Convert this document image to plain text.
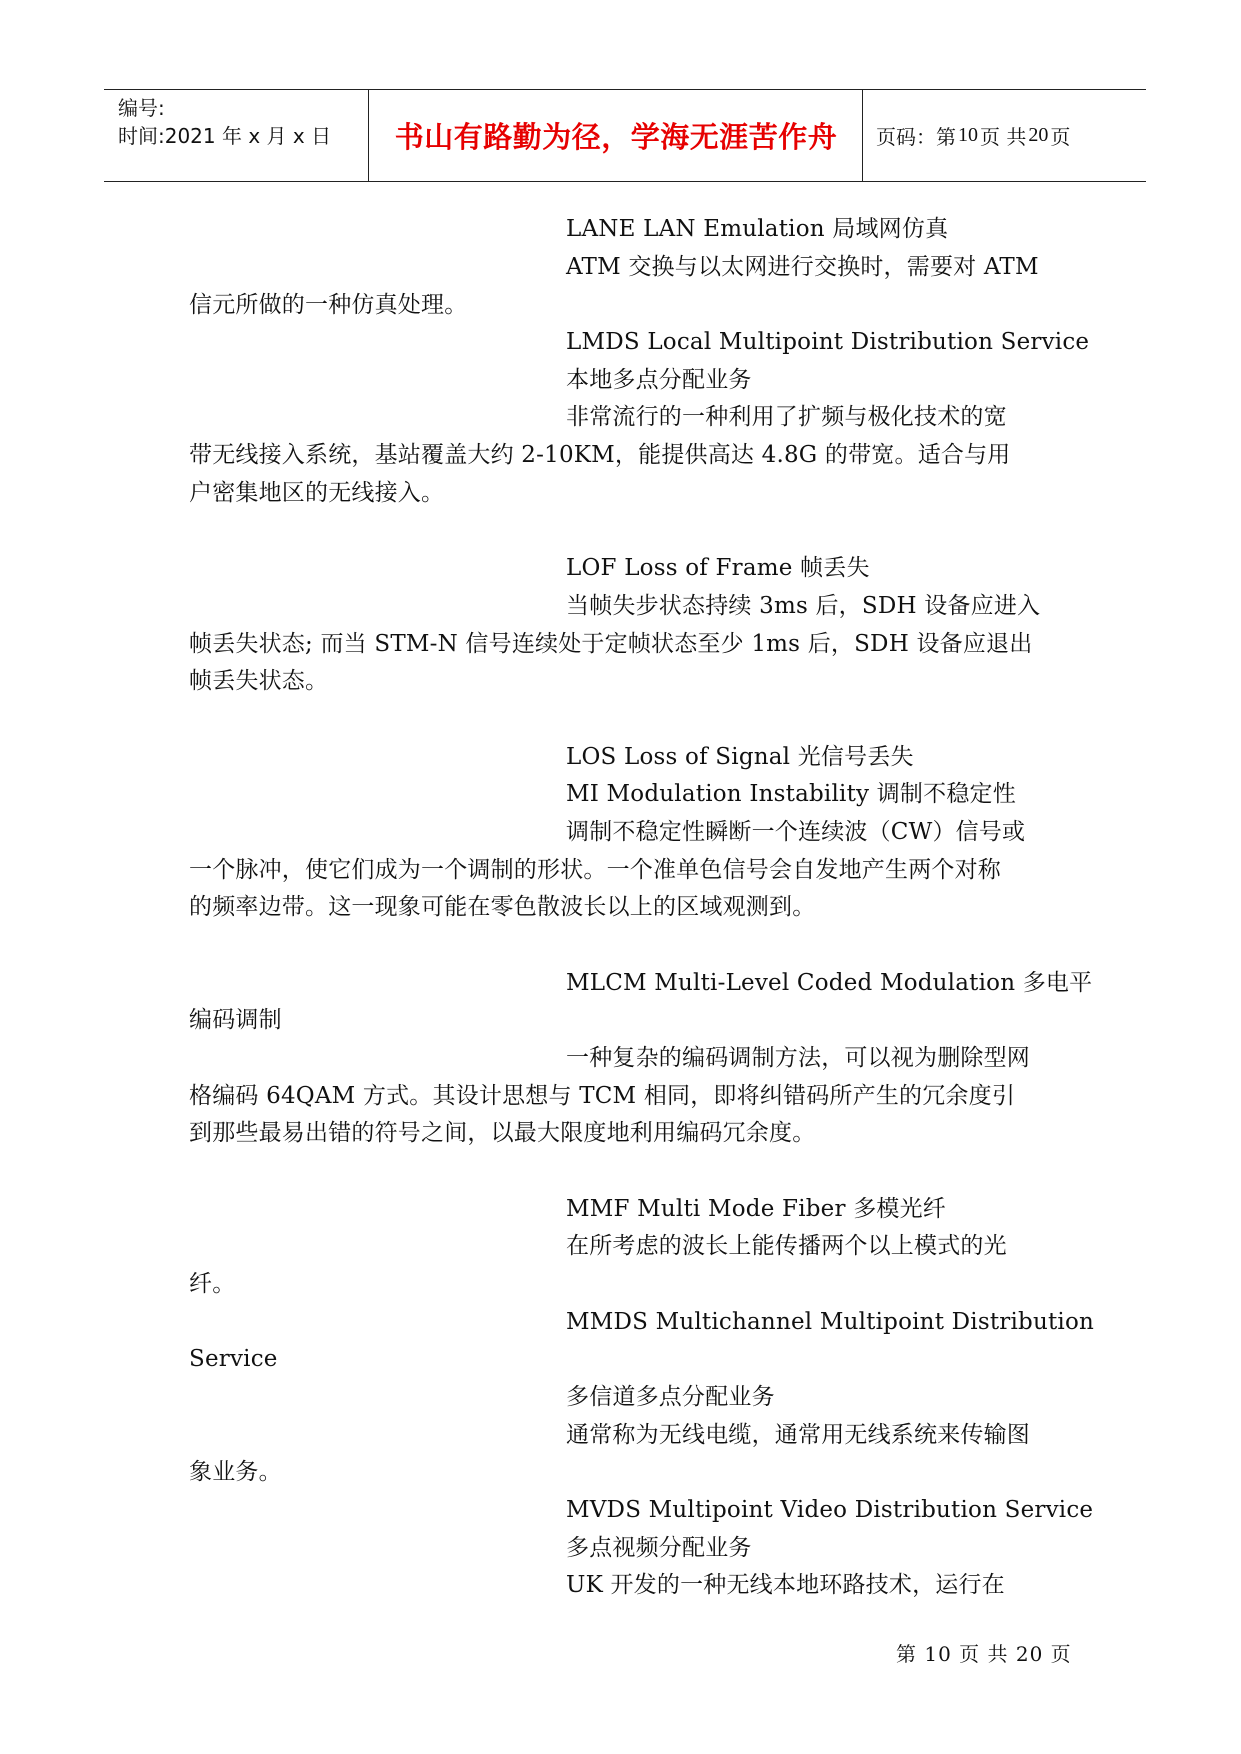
编号:
时间:2021 年 x 月 x 日	书山有路勤为径，学海无涯苦作舟	页码：第 10 页 共 20 页
LANE LAN Emulation 局域网仿真
ATM 交换与以太网进行交换时，需要对 ATM
信元所做的一种仿真处理。
LMDS Local Multipoint Distribution Service
本地多点分配业务
非常流行的一种利用了扩频与极化技术的宽
带无线接入系统，基站覆盖大约 2-10KM，能提供高达 4.8G 的带宽。适合与用
户密集地区的无线接入。
LOF Loss of Frame 帧丢失
当帧失步状态持续 3ms 后，SDH 设备应进入
帧丢失状态; 而当 STM-N 信号连续处于定帧状态至少 1ms 后，SDH 设备应退出
帧丢失状态。
LOS Loss of Signal 光信号丢失
MI Modulation Instability 调制不稳定性
调制不稳定性瞬断一个连续波（CW）信号或
一个脉冲，使它们成为一个调制的形状。一个准单色信号会自发地产生两个对称
的频率边带。这一现象可能在零色散波长以上的区域观测到。
MLCM Multi-Level Coded Modulation 多电平
编码调制
一种复杂的编码调制方法，可以视为删除型网
格编码 64QAM 方式。其设计思想与 TCM 相同，即将纠错码所产生的冗余度引
到那些最易出错的符号之间，以最大限度地利用编码冗余度。
MMF Multi Mode Fiber 多模光纤
在所考虑的波长上能传播两个以上模式的光
纤。
MMDS Multichannel Multipoint Distribution
Service
多信道多点分配业务
通常称为无线电缆，通常用无线系统来传输图
象业务。
MVDS Multipoint Video Distribution Service
多点视频分配业务
UK 开发的一种无线本地环路技术，运行在
第 10 页 共 20 页
